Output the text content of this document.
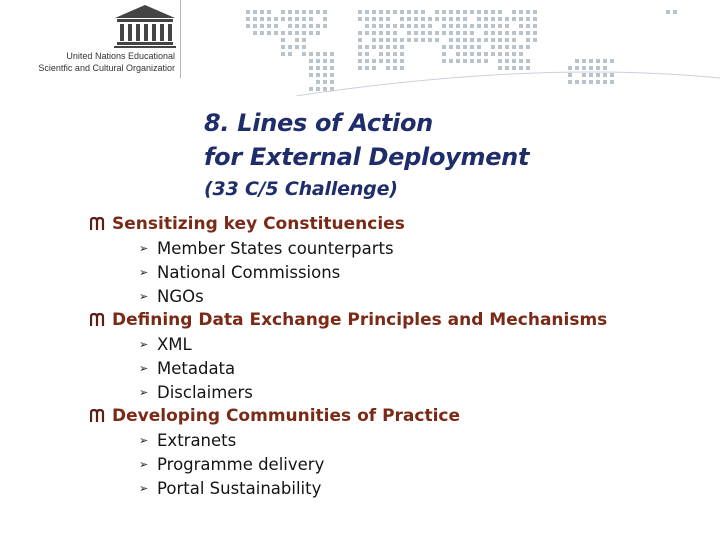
United Nations Educational
Scientfic and Cultural Organizatior
8. Lines of Action
for External Deployment
(33 C/5 Challenge)
Sensitizing key Constituencies
➢ Member States counterparts
➢ National Commissions
➢ NGOs
Defining Data Exchange Principles and Mechanisms
➢ XML
➢ Metadata
➢ Disclaimers
Developing Communities of Practice
➢ Extranets
➢ Programme delivery
➢ Portal Sustainability
